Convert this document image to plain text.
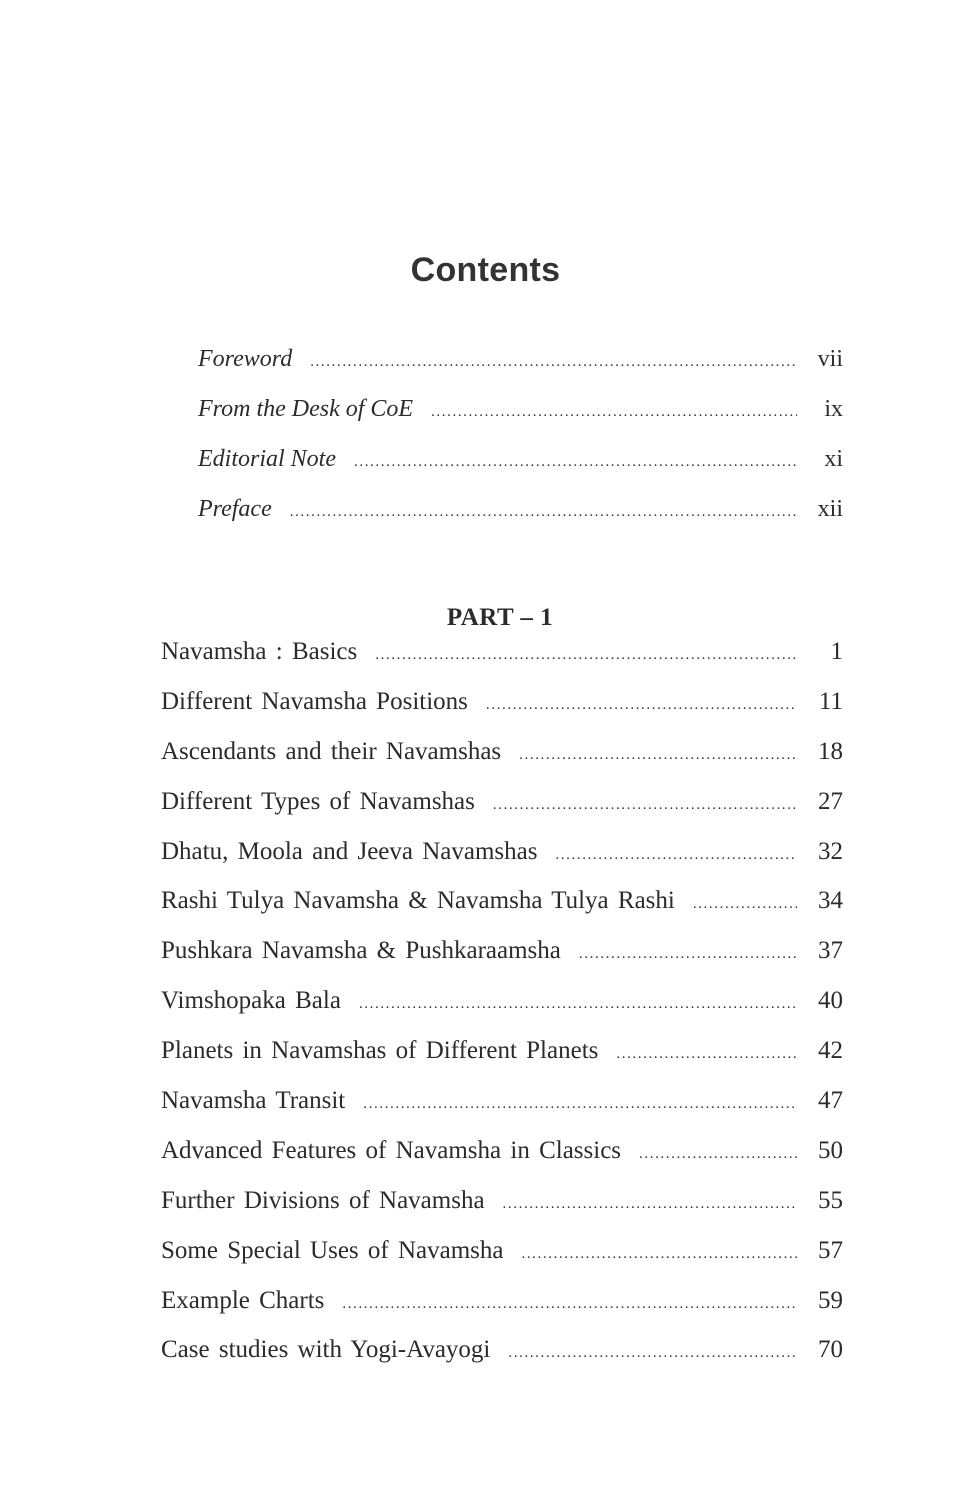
Contents
Foreword .....	vii
From the Desk of CoE .....	ix
Editorial Note .....	xi
Preface .....	xii
PART – 1
Navamsha : Basics .....	1
Different Navamsha Positions .....	11
Ascendants and their Navamshas .....	18
Different Types of Navamshas .....	27
Dhatu, Moola and Jeeva Navamshas .....	32
Rashi Tulya Navamsha & Navamsha Tulya Rashi .....	34
Pushkara Navamsha & Pushkaraamsha .....	37
Vimshopaka Bala .....	40
Planets in Navamshas of Different Planets .....	42
Navamsha Transit .....	47
Advanced Features of Navamsha in Classics .....	50
Further Divisions of Navamsha .....	55
Some Special Uses of Navamsha .....	57
Example Charts .....	59
Case studies with Yogi-Avayogi .....	70
